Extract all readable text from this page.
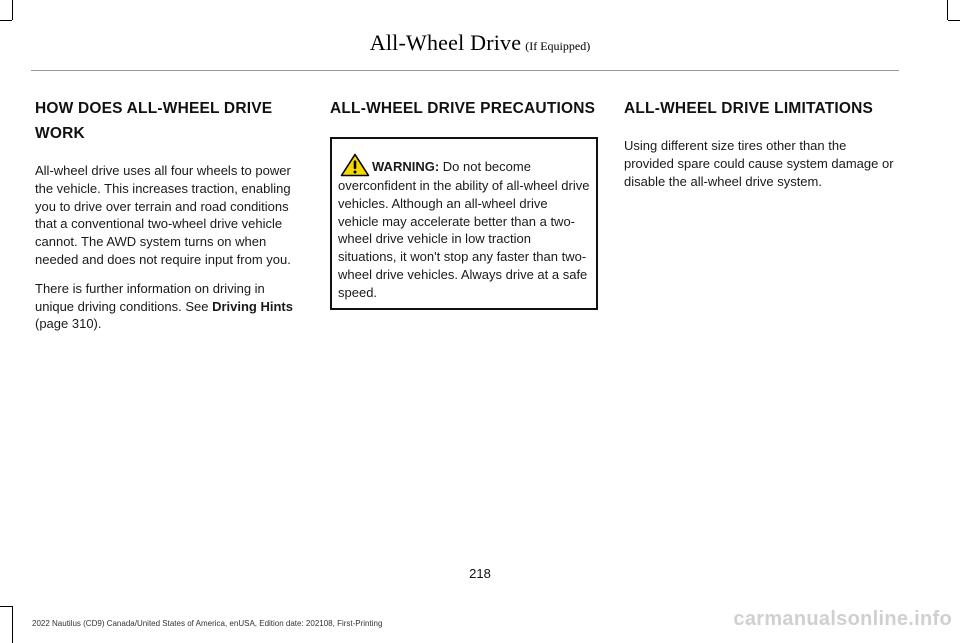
All-Wheel Drive (If Equipped)
HOW DOES ALL-WHEEL DRIVE WORK

All-wheel drive uses all four wheels to power the vehicle. This increases traction, enabling you to drive over terrain and road conditions that a conventional two-wheel drive vehicle cannot. The AWD system turns on when needed and does not require input from you.

There is further information on driving in unique driving conditions. See Driving Hints (page 310).

ALL-WHEEL DRIVE PRECAUTIONS
WARNING: Do not become overconfident in the ability of all-wheel drive vehicles. Although an all-wheel drive vehicle may accelerate better than a two-wheel drive vehicle in low traction situations, it won't stop any faster than two-wheel drive vehicles. Always drive at a safe speed.
ALL-WHEEL DRIVE LIMITATIONS

Using different size tires other than the provided spare could cause system damage or disable the all-wheel drive system.

218
2022 Nautilus (CD9) Canada/United States of America, enUSA, Edition date: 202108, First-Printing	carmanualsonline.info
